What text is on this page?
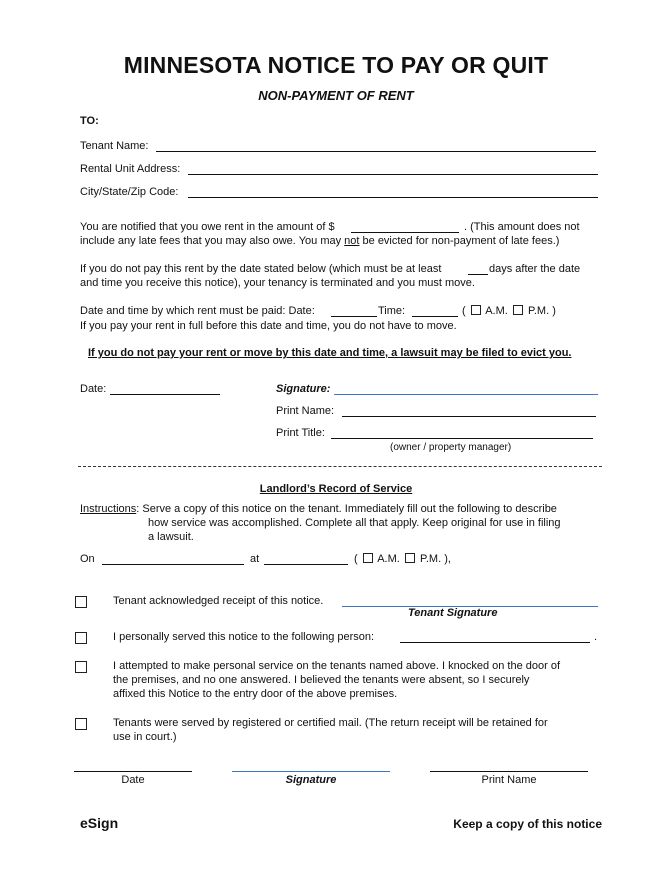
MINNESOTA NOTICE TO PAY OR QUIT
NON-PAYMENT OF RENT
TO:
Tenant Name:
Rental Unit Address:
City/State/Zip Code:
You are notified that you owe rent in the amount of $	. (This amount does not
include any late fees that you may also owe. You may not be evicted for non-payment of late fees.)
If you do not pay this rent by the date stated below (which must be at least	days after the date
and time you receive this notice), your tenancy is terminated and you must move.
Date and time by which rent must be paid: Date:	Time:	( A.M. P.M. )
If you pay your rent in full before this date and time, you do not have to move.
If you do not pay your rent or move by this date and time, a lawsuit may be filed to evict you.
Date:	Signature:
Print Name:
Print Title:
(owner / property manager)
Landlord’s Record of Service
Instructions: Serve a copy of this notice on the tenant. Immediately fill out the following to describe
how service was accomplished. Complete all that apply. Keep original for use in filing
a lawsuit.
On	at	( A.M. P.M. ),
Tenant acknowledged receipt of this notice.
Tenant Signature
I personally served this notice to the following person:	.
I attempted to make personal service on the tenants named above. I knocked on the door of
the premises, and no one answered. I believed the tenants were absent, so I securely
affixed this Notice to the entry door of the above premises.
Tenants were served by registered or certified mail. (The return receipt will be retained for
use in court.)
Date	Signature	Print Name
eSign	Keep a copy of this notice
